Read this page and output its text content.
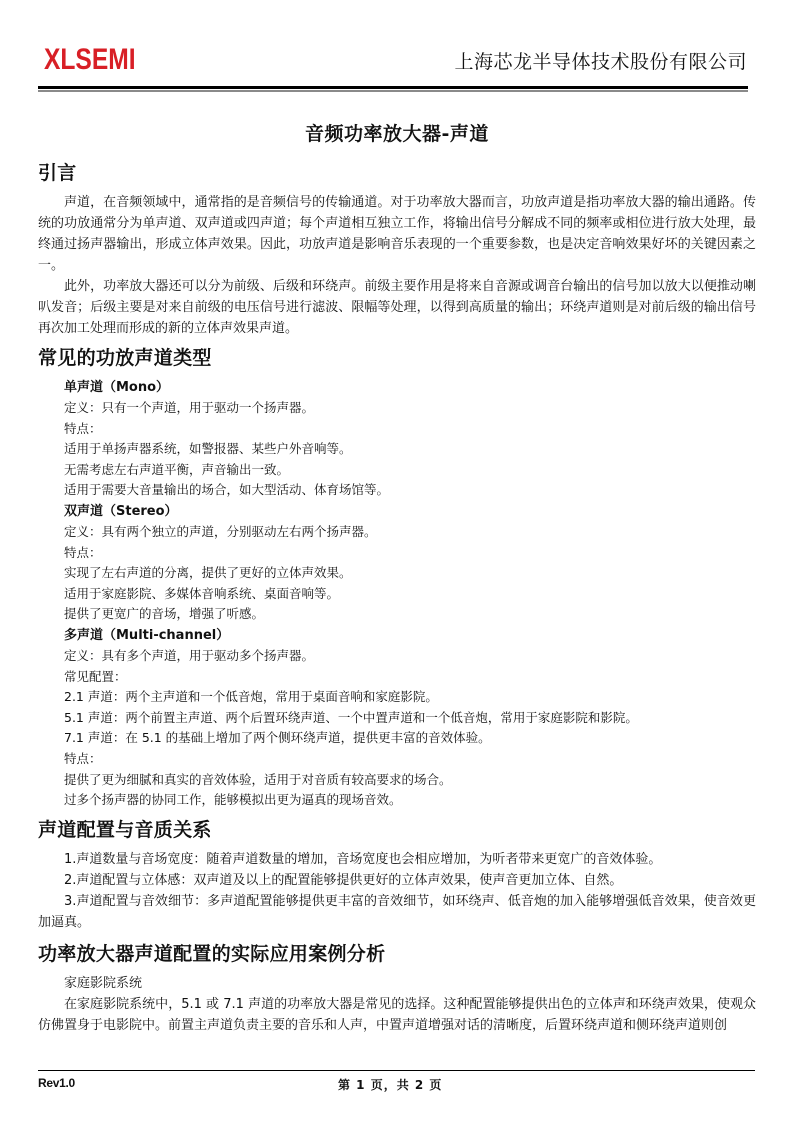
XLSEMI	上海芯龙半导体技术股份有限公司
音频功率放大器-声道
引言

声道，在音频领域中，通常指的是音频信号的传输通道。对于功率放大器而言，功放声道是指功率放大器的输出通路。传统的功放通常分为单声道、双声道或四声道；每个声道相互独立工作，将输出信号分解成不同的频率或相位进行放大处理，最终通过扬声器输出，形成立体声效果。因此，功放声道是影响音乐表现的一个重要参数，也是决定音响效果好坏的关键因素之一。

此外，功率放大器还可以分为前级、后级和环绕声。前级主要作用是将来自音源或调音台输出的信号加以放大以便推动喇叭发音；后级主要是对来自前级的电压信号进行滤波、限幅等处理，以得到高质量的输出；环绕声道则是对前后级的输出信号再次加工处理而形成的新的立体声效果声道。

常见的功放声道类型
单声道（Mono）
定义：只有一个声道，用于驱动一个扬声器。
特点：
适用于单扬声器系统，如警报器、某些户外音响等。
无需考虑左右声道平衡，声音输出一致。
适用于需要大音量输出的场合，如大型活动、体育场馆等。
双声道（Stereo）
定义：具有两个独立的声道，分别驱动左右两个扬声器。
特点：
实现了左右声道的分离，提供了更好的立体声效果。
适用于家庭影院、多媒体音响系统、桌面音响等。
提供了更宽广的音场，增强了听感。
多声道（Multi-channel）
定义：具有多个声道，用于驱动多个扬声器。
常见配置：
2.1 声道：两个主声道和一个低音炮，常用于桌面音响和家庭影院。
5.1 声道：两个前置主声道、两个后置环绕声道、一个中置声道和一个低音炮，常用于家庭影院和影院。
7.1 声道：在 5.1 的基础上增加了两个侧环绕声道，提供更丰富的音效体验。
特点：
提供了更为细腻和真实的音效体验，适用于对音质有较高要求的场合。
过多个扬声器的协同工作，能够模拟出更为逼真的现场音效。
声道配置与音质关系

1.声道数量与音场宽度：随着声道数量的增加，音场宽度也会相应增加，为听者带来更宽广的音效体验。

2.声道配置与立体感：双声道及以上的配置能够提供更好的立体声效果，使声音更加立体、自然。

3.声道配置与音效细节：多声道配置能够提供更丰富的音效细节，如环绕声、低音炮的加入能够增强低音效果，使音效更加逼真。

功率放大器声道配置的实际应用案例分析

家庭影院系统

在家庭影院系统中，5.1 或 7.1 声道的功率放大器是常见的选择。这种配置能够提供出色的立体声和环绕声效果，使观众仿佛置身于电影院中。前置主声道负责主要的音乐和人声，中置声道增强对话的清晰度，后置环绕声道和侧环绕声道则创

Rev1.0	第 1 页，共 2 页
